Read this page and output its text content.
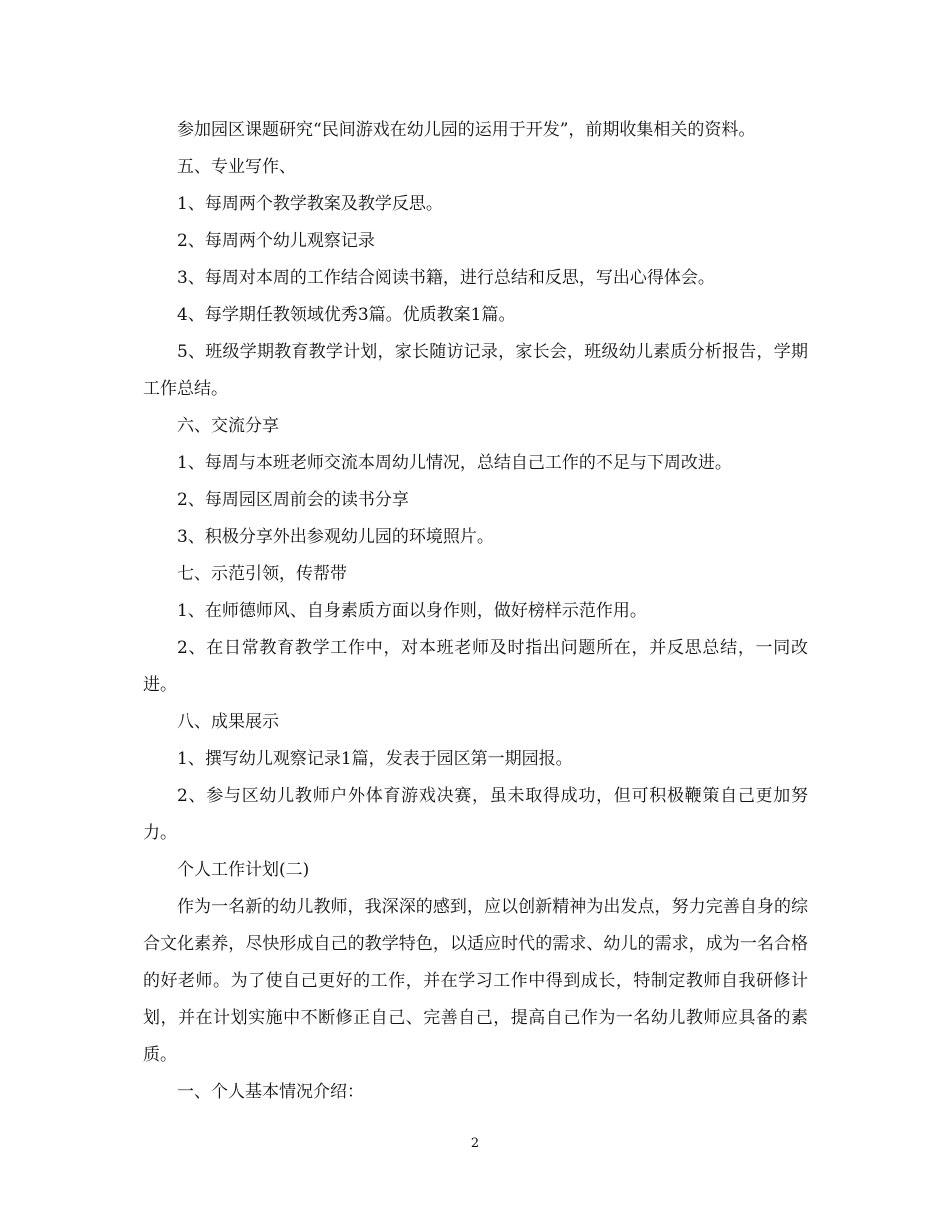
参加园区课题研究“民间游戏在幼儿园的运用于开发”，前期收集相关的资料。

五、专业写作、

1、每周两个教学教案及教学反思。

2、每周两个幼儿观察记录

3、每周对本周的工作结合阅读书籍，进行总结和反思，写出心得体会。

4、每学期任教领域优秀3篇。优质教案1篇。

5、班级学期教育教学计划，家长随访记录，家长会，班级幼儿素质分析报告，学期工作总结。

六、交流分享

1、每周与本班老师交流本周幼儿情况，总结自己工作的不足与下周改进。

2、每周园区周前会的读书分享

3、积极分享外出参观幼儿园的环境照片。

七、示范引领，传帮带

1、在师德师风、自身素质方面以身作则，做好榜样示范作用。

2、在日常教育教学工作中，对本班老师及时指出问题所在，并反思总结，一同改进。

八、成果展示

1、撰写幼儿观察记录1篇，发表于园区第一期园报。

2、参与区幼儿教师户外体育游戏决赛，虽未取得成功，但可积极鞭策自己更加努力。

个人工作计划(二)

作为一名新的幼儿教师，我深深的感到，应以创新精神为出发点，努力完善自身的综合文化素养，尽快形成自己的教学特色，以适应时代的需求、幼儿的需求，成为一名合格的好老师。为了使自己更好的工作，并在学习工作中得到成长，特制定教师自我研修计划，并在计划实施中不断修正自己、完善自己，提高自己作为一名幼儿教师应具备的素质。

一、个人基本情况介绍：

2
